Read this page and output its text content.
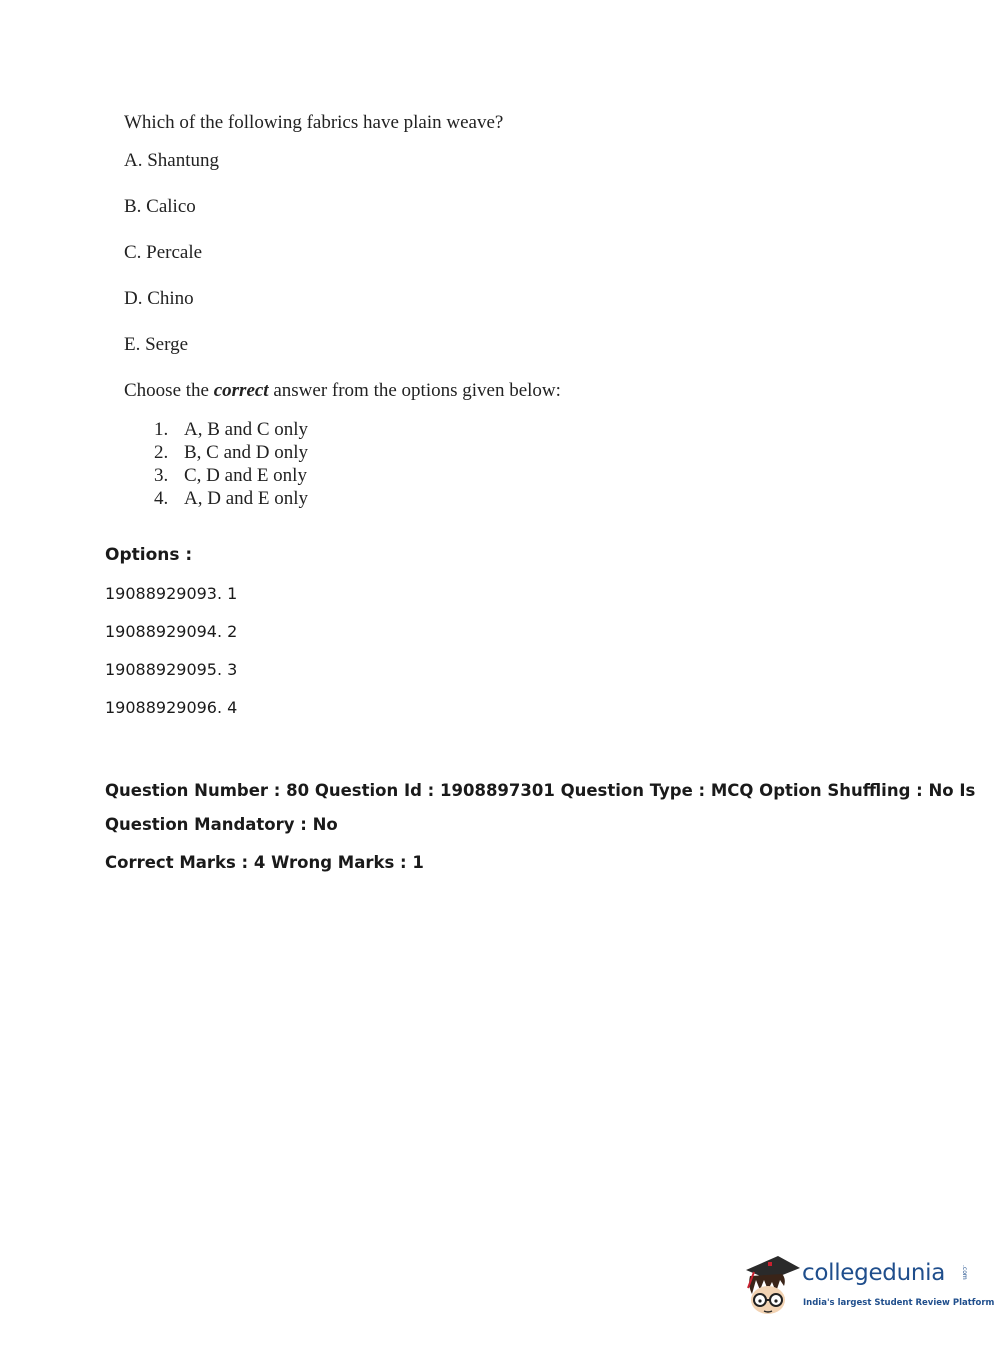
Which of the following fabrics have plain weave?

A. Shantung

B. Calico

C. Percale

D. Chino

E. Serge

Choose the correct answer from the options given below:

1. A, B and C only
2. B, C and D only
3. C, D and E only
4. A, D and E only

Options :

19088929093. 1
19088929094. 2
19088929095. 3
19088929096. 4
Question Number : 80 Question Id : 1908897301 Question Type : MCQ Option Shuffling : No Is
Question Mandatory : No
Correct Marks : 4 Wrong Marks : 1
collegedunia	.com
India's largest Student Review Platform
